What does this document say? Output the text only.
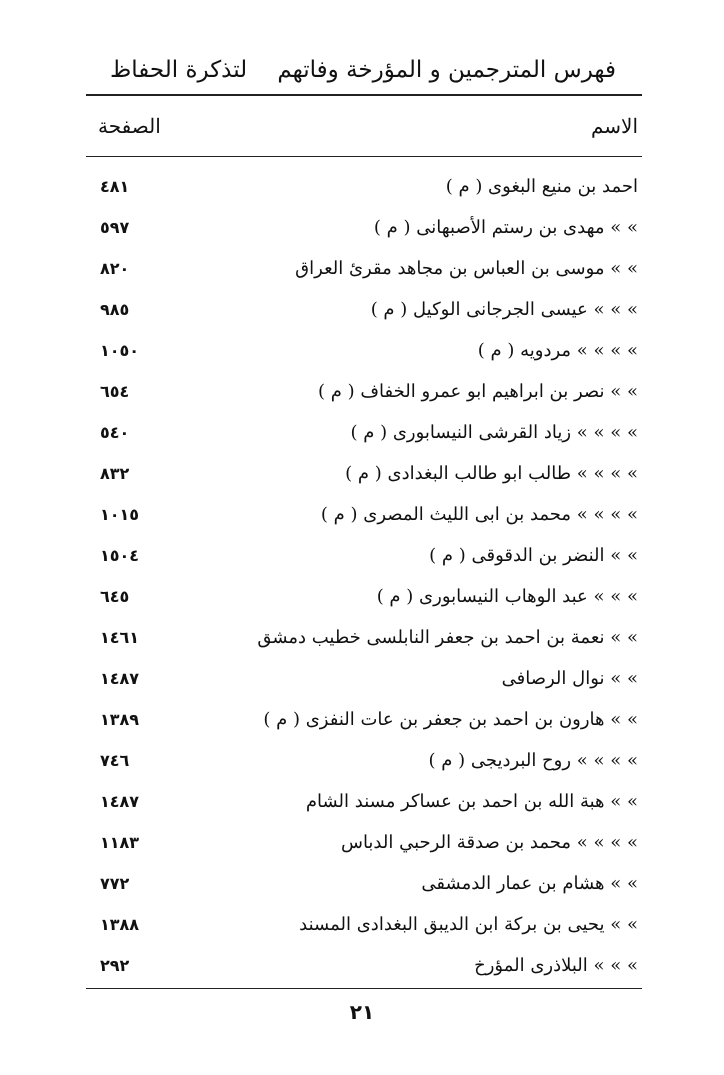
فهرس المترجمين و المؤرخة وفاتهم
لتذكرة الحفاظ
الاسم
الصفحة
احمد بن منيع البغوى ( م )
٤٨١
» » مهدى بن رستم الأصبهانى ( م )
٥٩٧
» » موسى بن العباس بن مجاهد مقرئ العراق
٨٢٠
» » » عيسى الجرجانى الوكيل ( م )
٩٨٥
» » » » مردويه ( م )
١٠٥٠
» » نصر بن ابراهيم ابو عمرو الخفاف ( م )
٦٥٤
» » » » زياد القرشى النيسابورى ( م )
٥٤٠
» » » » طالب ابو طالب البغدادى ( م )
٨٣٢
» » » » محمد بن ابى الليث المصرى ( م )
١٠١٥
» » النضر بن الدقوقى ( م )
١٥٠٤
» » » عبد الوهاب النيسابورى ( م )
٦٤٥
» » نعمة بن احمد بن جعفر النابلسى خطيب دمشق
١٤٦١
» » نوال الرصافى
١٤٨٧
» » هارون بن احمد بن جعفر بن عات النفزى ( م )
١٣٨٩
» » » » روح البرديجى ( م )
٧٤٦
» » هبة الله بن احمد بن عساكر مسند الشام
١٤٨٧
» » » » محمد بن صدقة الرحبي الدباس
١١٨٣
» » هشام بن عمار الدمشقى
٧٧٢
» » يحيى بن بركة ابن الديبق البغدادى المسند
١٣٨٨
» » » البلاذرى المؤرخ
٢٩٢
٢١
